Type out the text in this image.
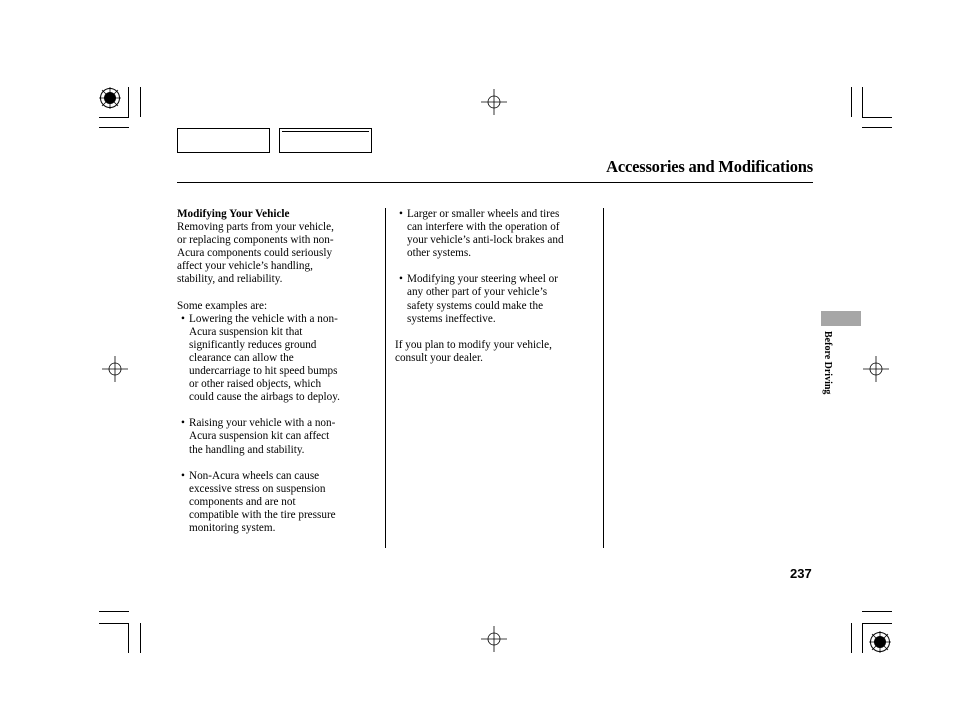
Accessories and Modifications

Modifying Your Vehicle

Removing parts from your vehicle,

or replacing components with non-

Acura components could seriously

affect your vehicle’s handling,

stability, and reliability.

Some examples are:

• Lowering the vehicle with a non-

Acura suspension kit that

significantly reduces ground

clearance can allow the

undercarriage to hit speed bumps

or other raised objects, which

could cause the airbags to deploy.

• Raising your vehicle with a non-

Acura suspension kit can affect

the handling and stability.

• Non-Acura wheels can cause

excessive stress on suspension

components and are not

compatible with the tire pressure

monitoring system.

• Larger or smaller wheels and tires

can interfere with the operation of

your vehicle’s anti-lock brakes and

other systems.

• Modifying your steering wheel or

any other part of your vehicle’s

safety systems could make the

systems ineffective.

If you plan to modify your vehicle,

consult your dealer.	Before Driving
237
